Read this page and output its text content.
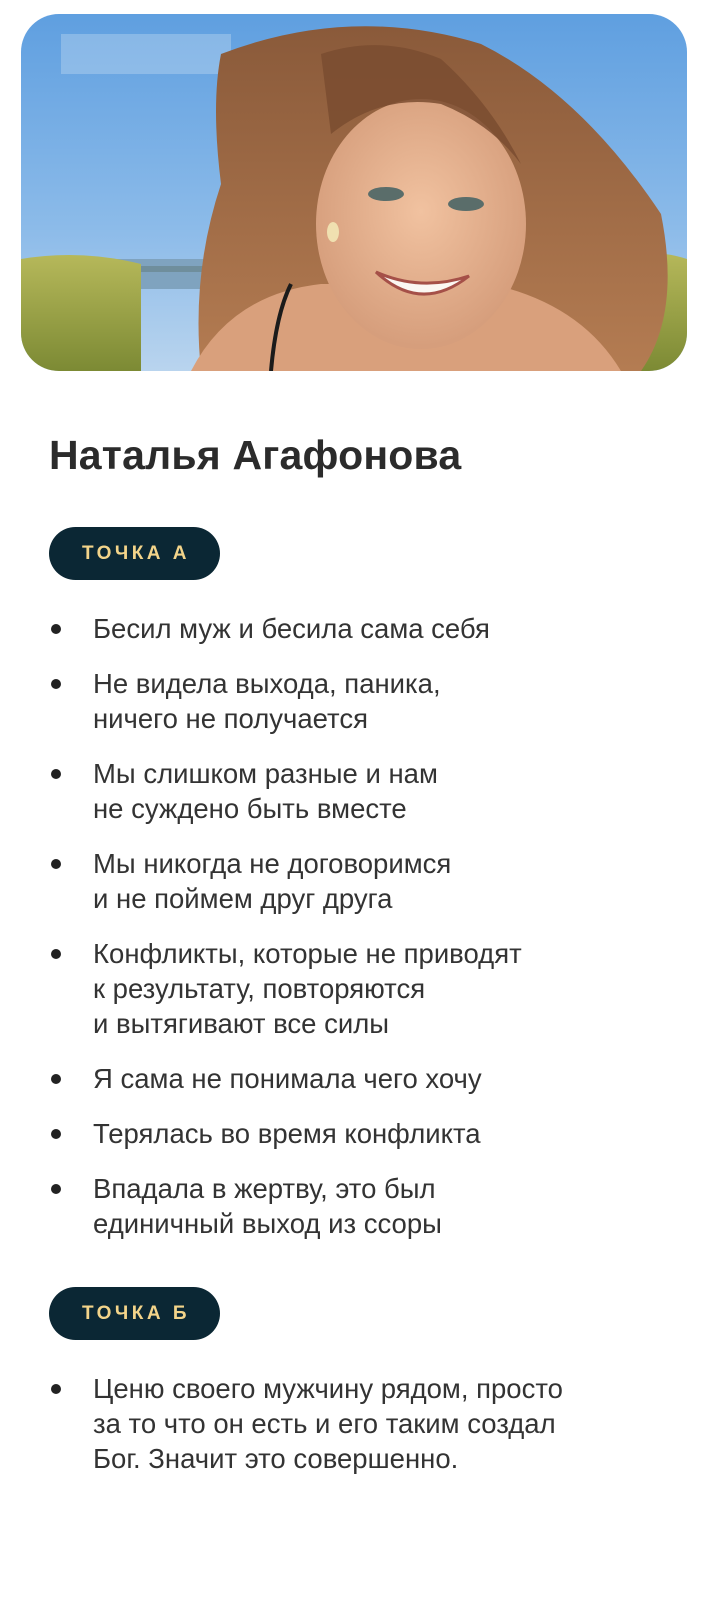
Наталья Агафонова
ТОЧКА А
Бесил муж и бесила сама себя
Не видела выхода, паника,
ничего не получается
Мы слишком разные и нам
не суждено быть вместе
Мы никогда не договоримся
и не поймем друг друга
Конфликты, которые не приводят
к результату, повторяются
и вытягивают все силы
Я сама не понимала чего хочу
Терялась во время конфликта
Впадала в жертву, это был
единичный выход из ссоры
ТОЧКА Б
Ценю своего мужчину рядом, просто
за то что он есть и его таким создал
Бог. Значит это совершенно.
